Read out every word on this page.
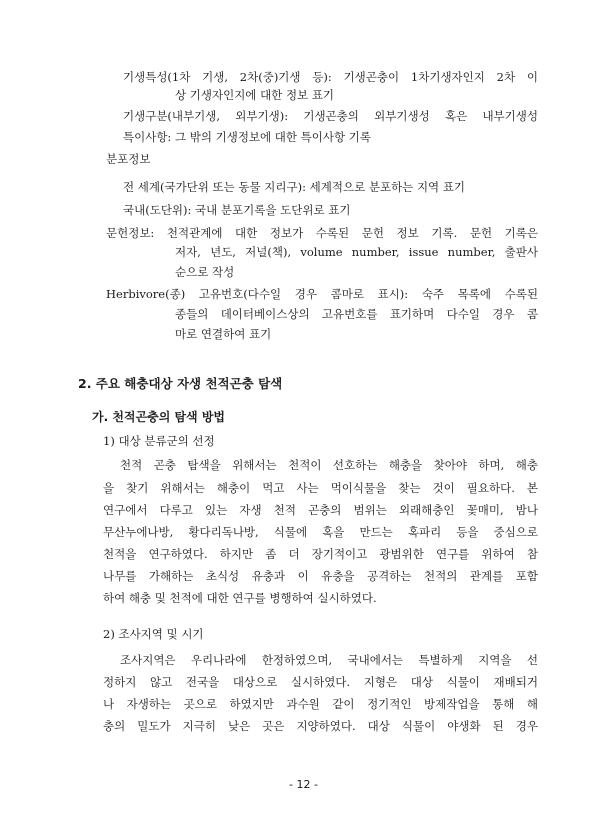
기생특성(1차 기생, 2차(중)기생 등): 기생곤충이 1차기생자인지 2차 이
상 기생자인지에 대한 정보 표기
기생구분(내부기생, 외부기생): 기생곤충의 외부기생성 혹은 내부기생성
특이사항: 그 밖의 기생정보에 대한 특이사항 기록
분포정보
전 세계(국가단위 또는 동물 지리구): 세계적으로 분포하는 지역 표기
국내(도단위): 국내 분포기록을 도단위로 표기
문헌정보: 천적관계에 대한 정보가 수록된 문헌 정보 기록. 문헌 기록은
저자, 년도, 저널(책), volume number, issue number, 출판사
순으로 작성
Herbivore(종) 고유번호(다수일 경우 콤마로 표시): 숙주 목록에 수록된
종들의 데이터베이스상의 고유번호를 표기하며 다수일 경우 콤
마로 연결하여 표기
2. 주요 해충대상 자생 천적곤충 탐색
가. 천적곤충의 탐색 방법
1) 대상 분류군의 선정
천적 곤충 탐색을 위해서는 천적이 선호하는 해충을 찾아야 하며, 해충
을 찾기 위해서는 해충이 먹고 사는 먹이식물을 찾는 것이 필요하다. 본
연구에서 다루고 있는 자생 천적 곤충의 범위는 외래해충인 꽃매미, 밤나
무산누에나방, 황다리독나방, 식물에 혹을 만드는 혹파리 등을 중심으로
천적을 연구하였다. 하지만 좀 더 장기적이고 광범위한 연구를 위하여 참
나무를 가해하는 초식성 유충과 이 유충을 공격하는 천적의 관계를 포함
하여 해충 및 천적에 대한 연구를 병행하여 실시하였다.
2) 조사지역 및 시기
조사지역은 우리나라에 한정하였으며, 국내에서는 특별하게 지역을 선
정하지 않고 전국을 대상으로 실시하였다. 지형은 대상 식물이 재배되거
나 자생하는 곳으로 하였지만 과수원 같이 정기적인 방제작업을 통해 해
충의 밀도가 지극히 낮은 곳은 지양하였다. 대상 식물이 야생화 된 경우
- 12 -
